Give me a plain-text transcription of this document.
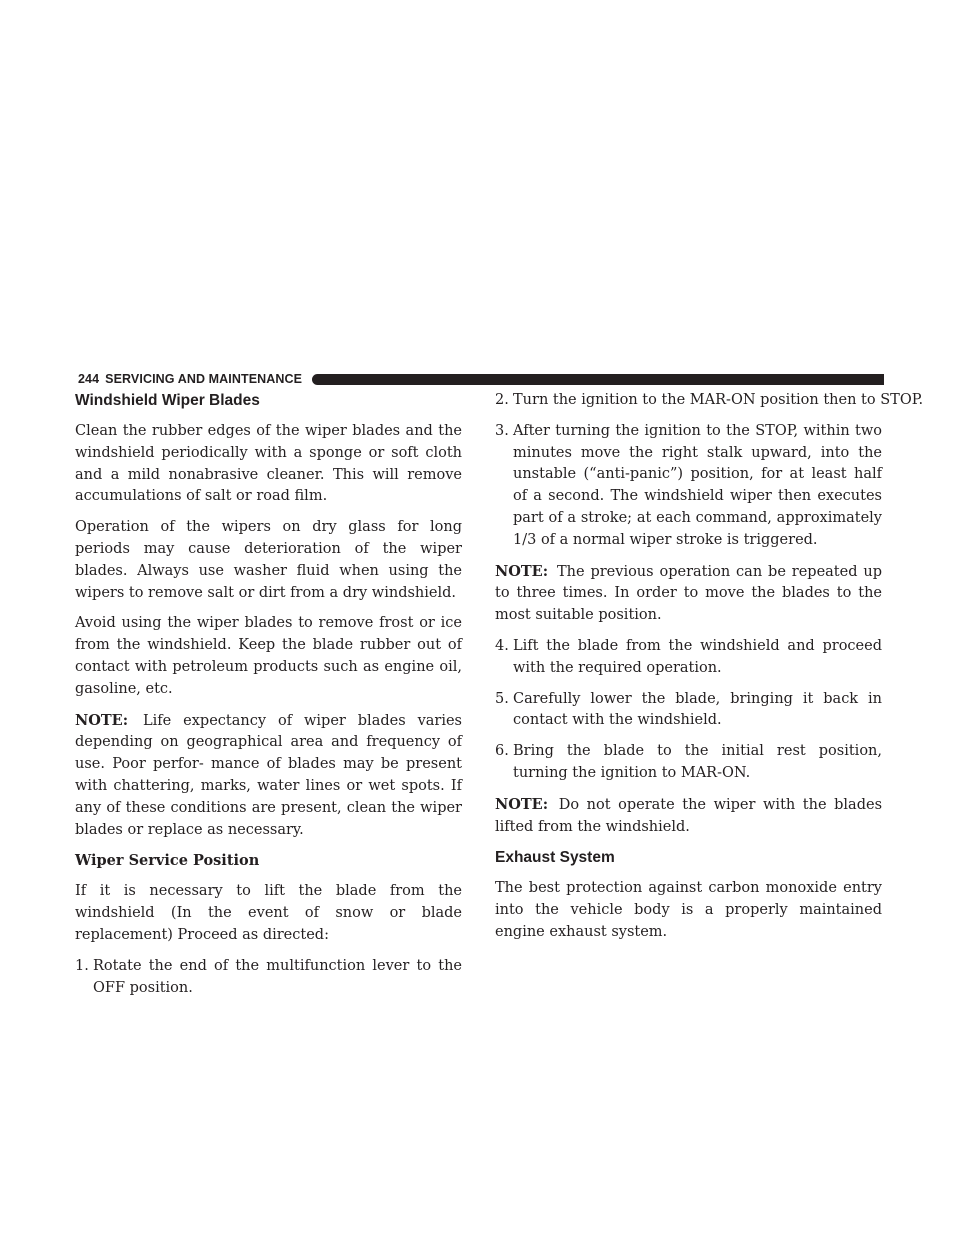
244 SERVICING AND MAINTENANCE
Windshield Wiper Blades

Clean the rubber edges of the wiper blades and the windshield periodically with a sponge or soft cloth and a mild nonabrasive cleaner. This will remove accumulations of salt or road film.

Operation of the wipers on dry glass for long periods may cause deterioration of the wiper blades. Always use washer fluid when using the wipers to remove salt or dirt from a dry windshield.

Avoid using the wiper blades to remove frost or ice from the windshield. Keep the blade rubber out of contact with petroleum products such as engine oil, gasoline, etc.

NOTE: Life expectancy of wiper blades varies depending on geographical area and frequency of use. Poor perfor- mance of blades may be present with chattering, marks, water lines or wet spots. If any of these conditions are present, clean the wiper blades or replace as necessary.

Wiper Service Position

If it is necessary to lift the blade from the windshield (In the event of snow or blade replacement) Proceed as directed:

1. Rotate the end of the multifunction lever to the OFF position.
2. Turn the ignition to the MAR-ON position then to STOP.
3. After turning the ignition to the STOP, within two minutes move the right stalk upward, into the unstable (“anti-panic”) position, for at least half of a second. The windshield wiper then executes part of a stroke; at each command, approximately 1/3 of a normal wiper stroke is triggered.

NOTE: The previous operation can be repeated up to three times. In order to move the blades to the most suitable position.

4. Lift the blade from the windshield and proceed with the required operation.
5. Carefully lower the blade, bringing it back in contact with the windshield.
6. Bring the blade to the initial rest position, turning the ignition to MAR-ON.

NOTE: Do not operate the wiper with the blades lifted from the windshield.

Exhaust System

The best protection against carbon monoxide entry into the vehicle body is a properly maintained engine exhaust system.
